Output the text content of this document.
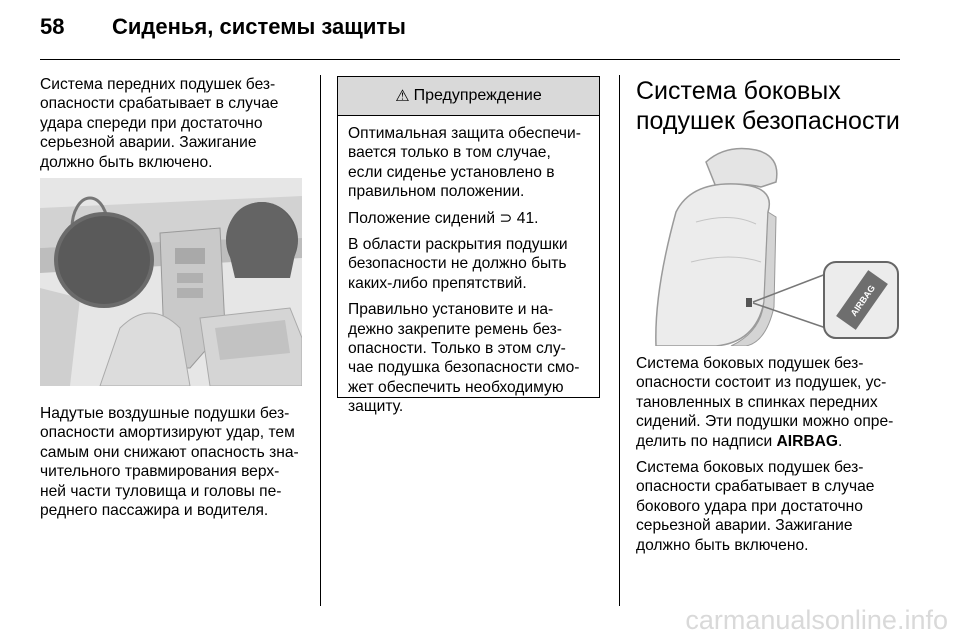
58 Сиденья, системы защиты

Система передних подушек без-

опасности срабатывает в случае

удара спереди при достаточно

серьезной аварии. Зажигание

должно быть включено.

Надутые воздушные подушки без-

опасности амортизируют удар, тем

самым они снижают опасность зна-

чительного травмирования верх-

ней части туловища и головы пе-

реднего пассажира и водителя.

⚠ Предупреждение

Оптимальная защита обеспечи-
вается только в том случае,
если сиденье установлено в
правильном положении.

Положение сидений ⊃ 41.

В области раскрытия подушки
безопасности не должно быть
каких-либо препятствий.

Правильно установите и на-
дежно закрепите ремень без-
опасности. Только в этом слу-
чае подушка безопасности смо-
жет обеспечить необходимую
защиту.

Система боковых
подушек безопасности
AIRBAG

Система боковых подушек без-
опасности состоит из подушек, ус-
тановленных в спинках передних
сидений. Эти подушки можно опре-
делить по надписи AIRBAG.

Система боковых подушек без-
опасности срабатывает в случае
бокового удара при достаточно
серьезной аварии. Зажигание
должно быть включено.

carmanualsonline.info
